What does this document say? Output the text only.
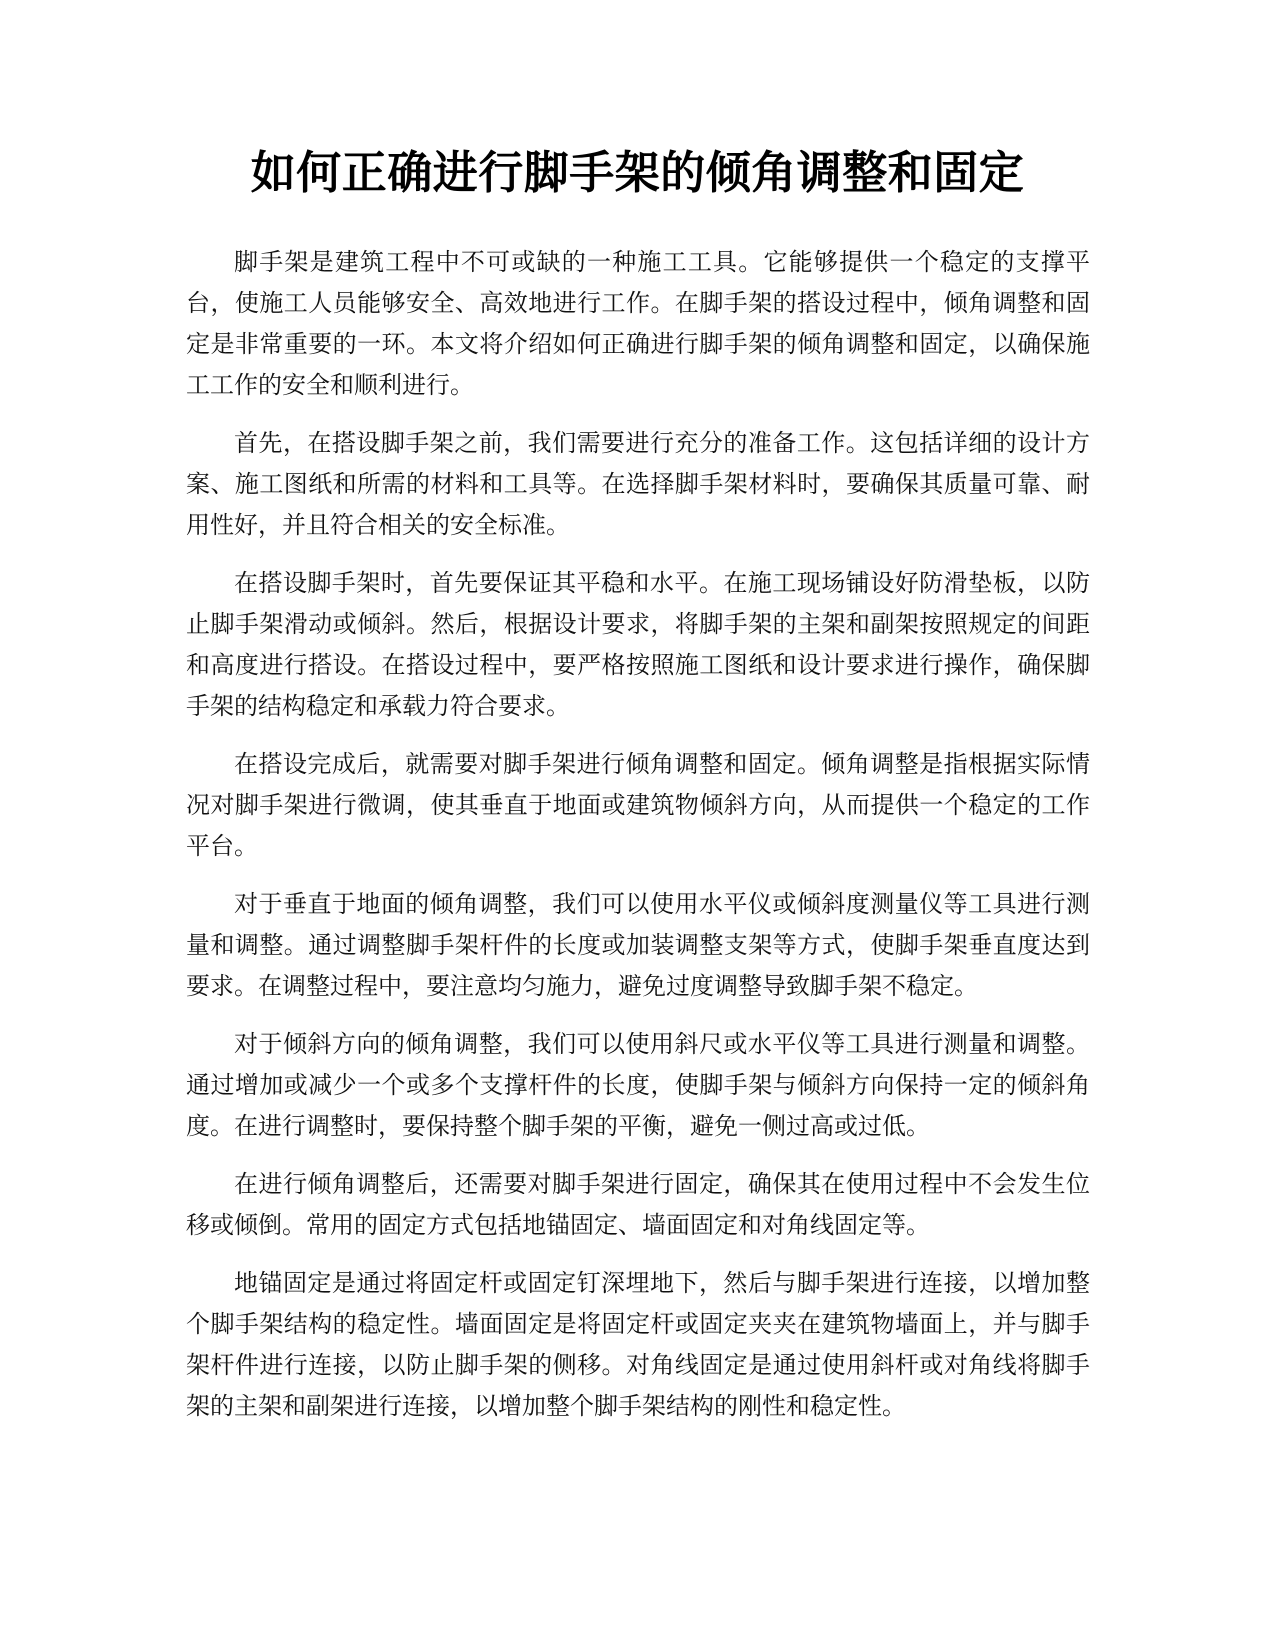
如何正确进行脚手架的倾角调整和固定

脚手架是建筑工程中不可或缺的一种施工工具。它能够提供一个稳定的支撑平台，使施工人员能够安全、高效地进行工作。在脚手架的搭设过程中，倾角调整和固定是非常重要的一环。本文将介绍如何正确进行脚手架的倾角调整和固定，以确保施工工作的安全和顺利进行。

首先，在搭设脚手架之前，我们需要进行充分的准备工作。这包括详细的设计方案、施工图纸和所需的材料和工具等。在选择脚手架材料时，要确保其质量可靠、耐用性好，并且符合相关的安全标准。

在搭设脚手架时，首先要保证其平稳和水平。在施工现场铺设好防滑垫板，以防止脚手架滑动或倾斜。然后，根据设计要求，将脚手架的主架和副架按照规定的间距和高度进行搭设。在搭设过程中，要严格按照施工图纸和设计要求进行操作，确保脚手架的结构稳定和承载力符合要求。

在搭设完成后，就需要对脚手架进行倾角调整和固定。倾角调整是指根据实际情况对脚手架进行微调，使其垂直于地面或建筑物倾斜方向，从而提供一个稳定的工作平台。

对于垂直于地面的倾角调整，我们可以使用水平仪或倾斜度测量仪等工具进行测量和调整。通过调整脚手架杆件的长度或加装调整支架等方式，使脚手架垂直度达到要求。在调整过程中，要注意均匀施力，避免过度调整导致脚手架不稳定。

对于倾斜方向的倾角调整，我们可以使用斜尺或水平仪等工具进行测量和调整。通过增加或减少一个或多个支撑杆件的长度，使脚手架与倾斜方向保持一定的倾斜角度。在进行调整时，要保持整个脚手架的平衡，避免一侧过高或过低。

在进行倾角调整后，还需要对脚手架进行固定，确保其在使用过程中不会发生位移或倾倒。常用的固定方式包括地锚固定、墙面固定和对角线固定等。

地锚固定是通过将固定杆或固定钉深埋地下，然后与脚手架进行连接，以增加整个脚手架结构的稳定性。墙面固定是将固定杆或固定夹夹在建筑物墙面上，并与脚手架杆件进行连接，以防止脚手架的侧移。对角线固定是通过使用斜杆或对角线将脚手架的主架和副架进行连接，以增加整个脚手架结构的刚性和稳定性。
